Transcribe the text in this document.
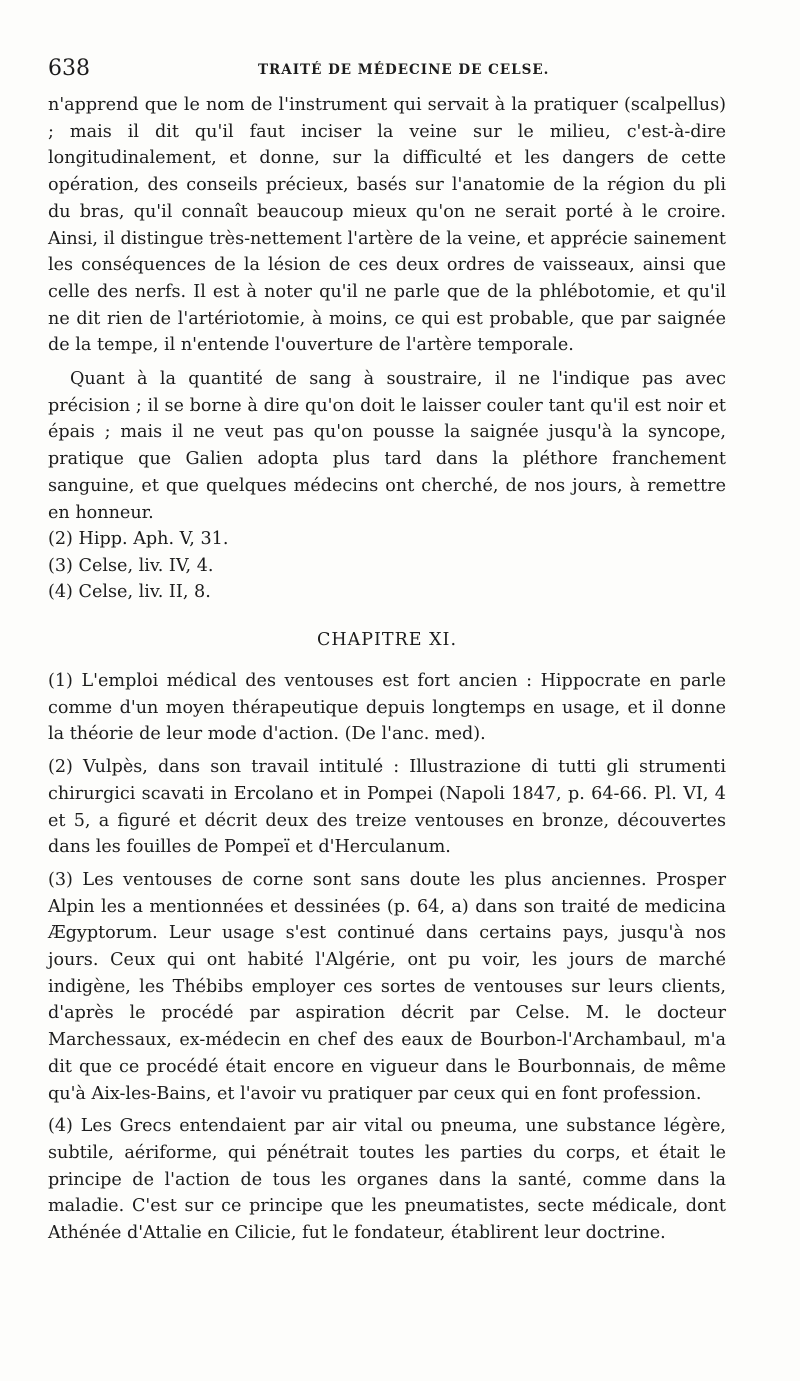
638	TRAITÉ DE MÉDECINE DE CELSE.

n'apprend que le nom de l'instrument qui servait à la pratiquer (scalpellus) ; mais il dit qu'il faut inciser la veine sur le milieu, c'est-à-dire longitudinalement, et donne, sur la difficulté et les dangers de cette opération, des conseils précieux, basés sur l'anatomie de la région du pli du bras, qu'il connaît beaucoup mieux qu'on ne serait porté à le croire. Ainsi, il distingue très-nettement l'artère de la veine, et apprécie sainement les conséquences de la lésion de ces deux ordres de vaisseaux, ainsi que celle des nerfs. Il est à noter qu'il ne parle que de la phlébotomie, et qu'il ne dit rien de l'artériotomie, à moins, ce qui est probable, que par saignée de la tempe, il n'entende l'ouverture de l'artère temporale.

Quant à la quantité de sang à soustraire, il ne l'indique pas avec précision ; il se borne à dire qu'on doit le laisser couler tant qu'il est noir et épais ; mais il ne veut pas qu'on pousse la saignée jusqu'à la syncope, pratique que Galien adopta plus tard dans la pléthore franchement sanguine, et que quelques médecins ont cherché, de nos jours, à remettre en honneur.

(2) Hipp. Aph. V, 31.

(3) Celse, liv. IV, 4.

(4) Celse, liv. II, 8.

CHAPITRE XI.

(1) L'emploi médical des ventouses est fort ancien : Hippocrate en parle comme d'un moyen thérapeutique depuis longtemps en usage, et il donne la théorie de leur mode d'action. (De l'anc. med).

(2) Vulpès, dans son travail intitulé : Illustrazione di tutti gli strumenti chirurgici scavati in Ercolano et in Pompei (Napoli 1847, p. 64-66. Pl. VI, 4 et 5, a figuré et décrit deux des treize ventouses en bronze, découvertes dans les fouilles de Pompeï et d'Herculanum.

(3) Les ventouses de corne sont sans doute les plus anciennes. Prosper Alpin les a mentionnées et dessinées (p. 64, a) dans son traité de medicina Ægyptorum. Leur usage s'est continué dans certains pays, jusqu'à nos jours. Ceux qui ont habité l'Algérie, ont pu voir, les jours de marché indigène, les Thébibs employer ces sortes de ventouses sur leurs clients, d'après le procédé par aspiration décrit par Celse. M. le docteur Marchessaux, ex-médecin en chef des eaux de Bourbon-l'Archambaul, m'a dit que ce procédé était encore en vigueur dans le Bourbonnais, de même qu'à Aix-les-Bains, et l'avoir vu pratiquer par ceux qui en font profession.

(4) Les Grecs entendaient par air vital ou pneuma, une substance légère, subtile, aériforme, qui pénétrait toutes les parties du corps, et était le principe de l'action de tous les organes dans la santé, comme dans la maladie. C'est sur ce principe que les pneumatistes, secte médicale, dont Athénée d'Attalie en Cilicie, fut le fondateur, établirent leur doctrine.
